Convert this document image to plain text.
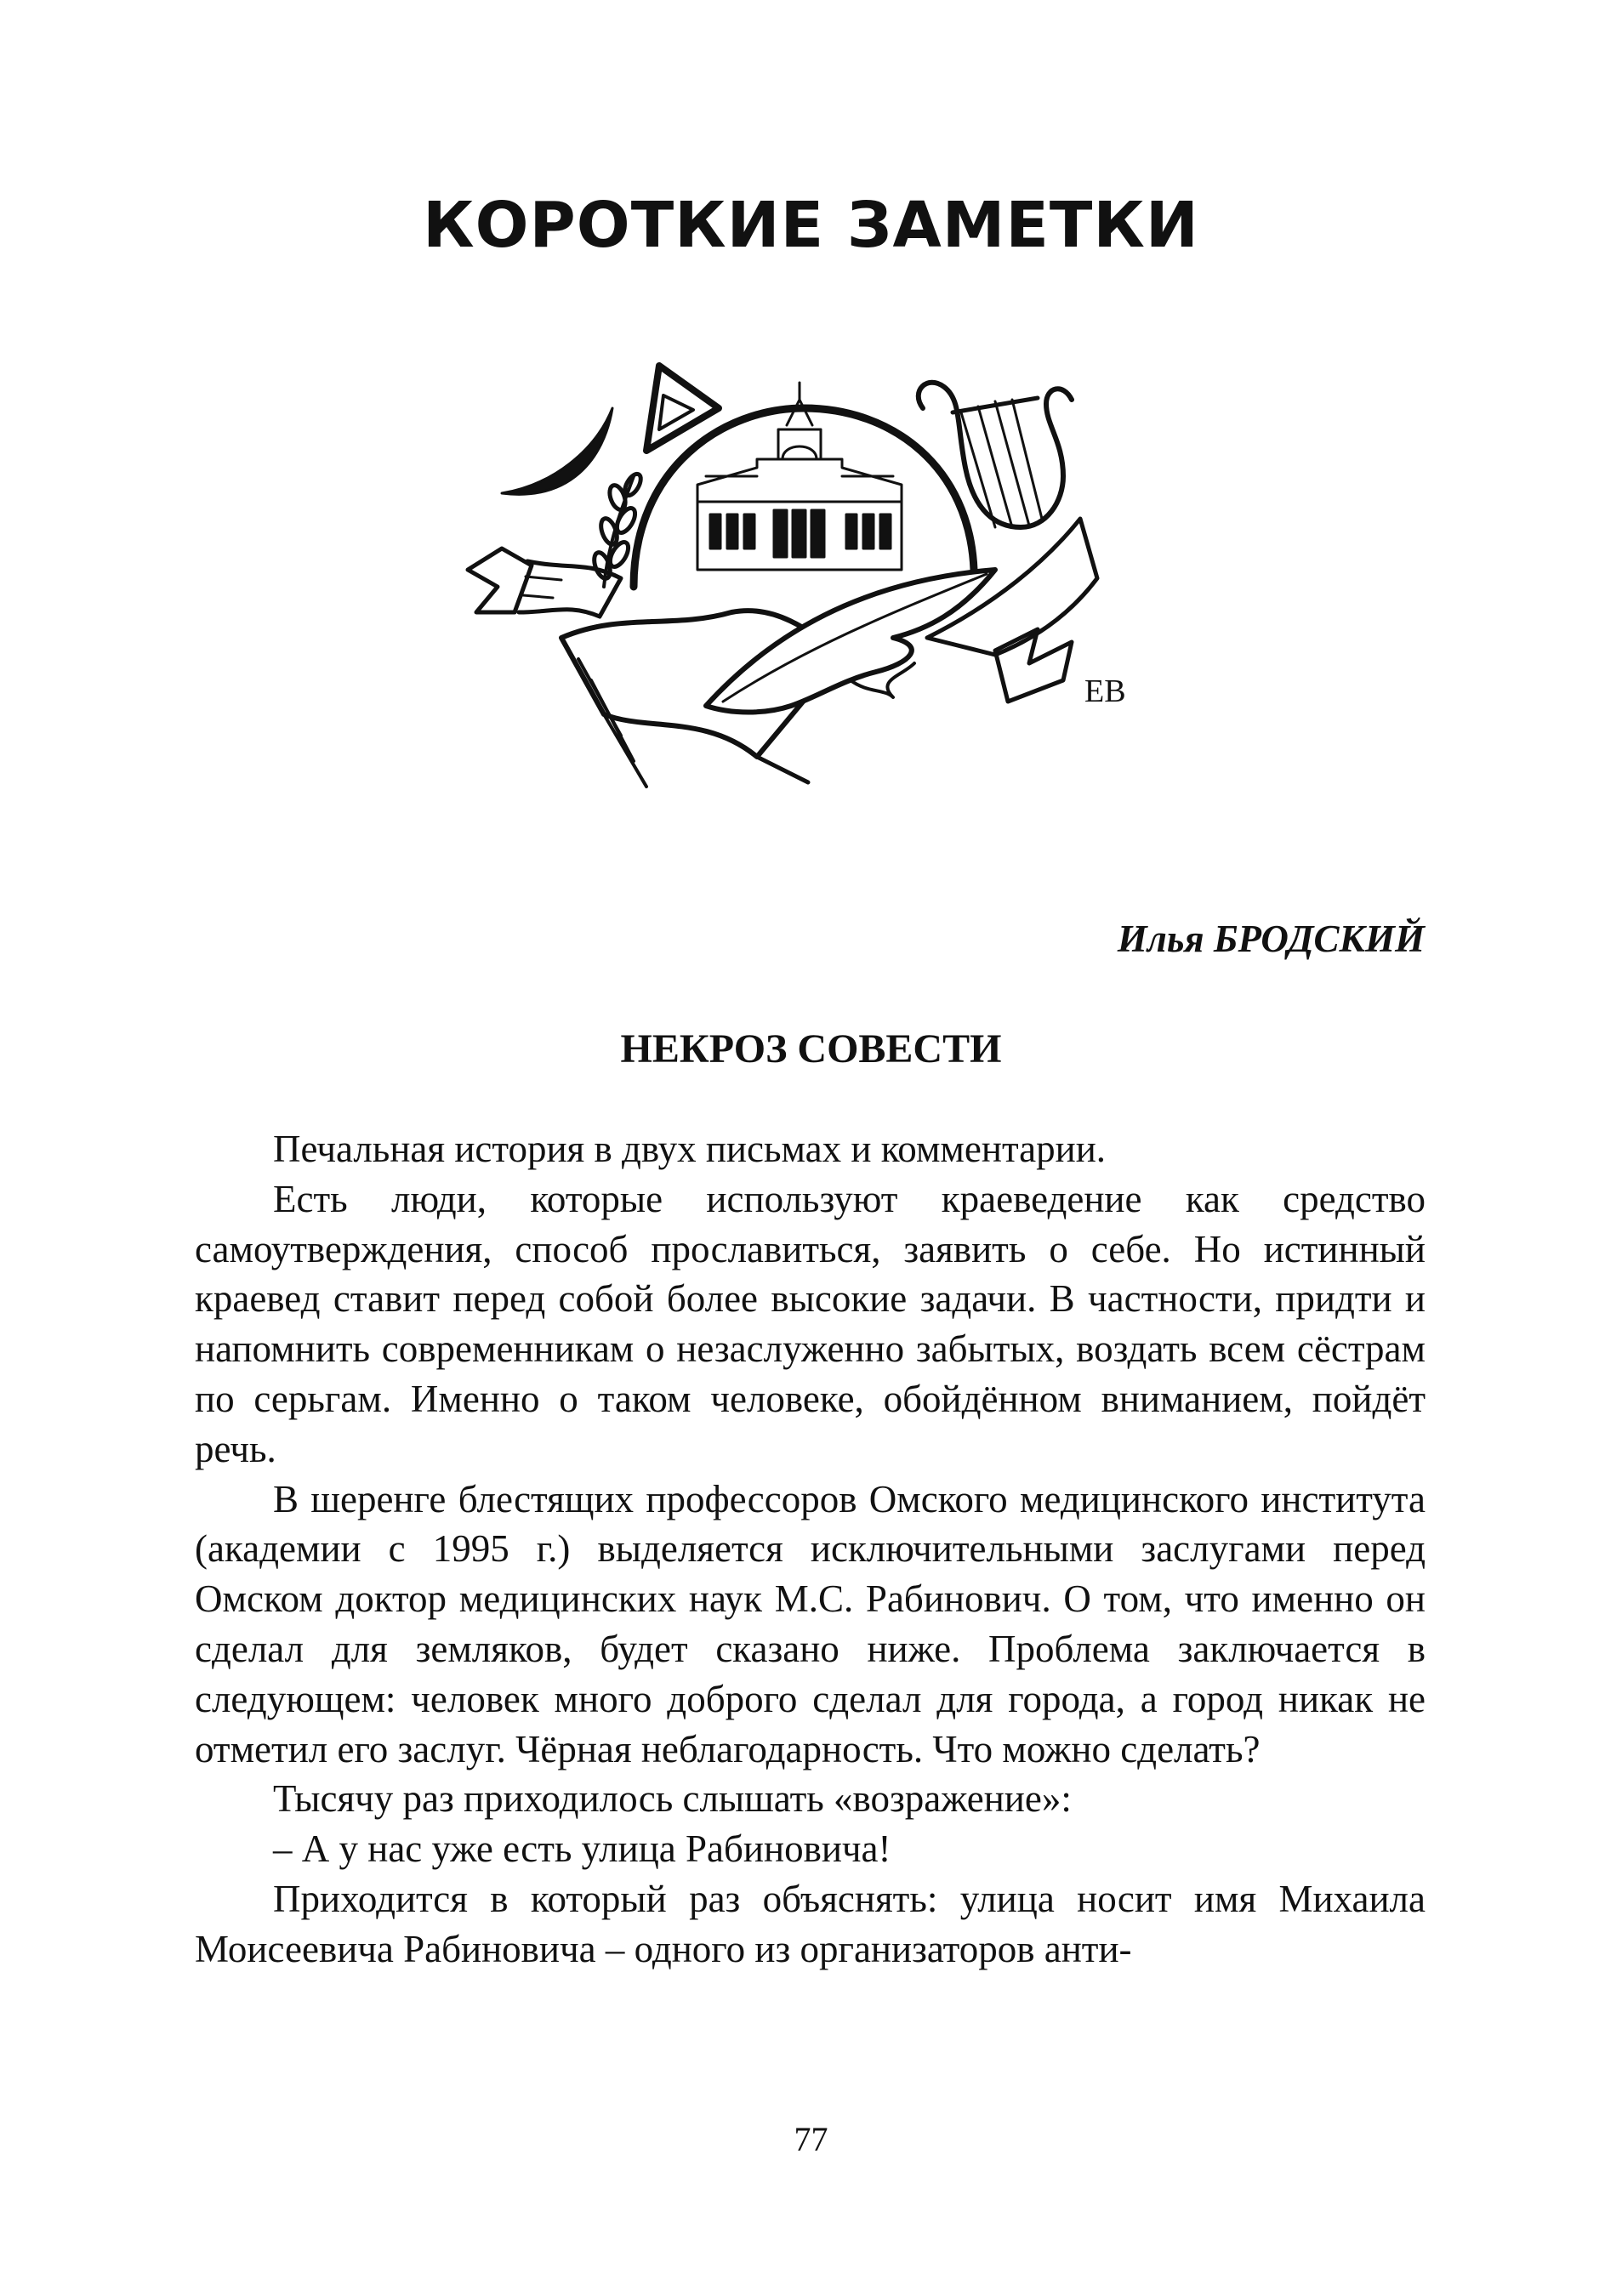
КОРОТКИЕ ЗАМЕТКИ
ЕВ
Илья БРОДСКИЙ
НЕКРОЗ СОВЕСТИ

Печальная история в двух письмах и комментарии.

Есть люди, которые используют краеведение как средство самоутверждения, способ прославиться, заявить о себе. Но истинный краевед ставит перед собой более высокие задачи. В частности, придти и напомнить современникам о незаслуженно забытых, воздать всем сёстрам по серьгам. Именно о таком человеке, обойдённом вниманием, пойдёт речь.

В шеренге блестящих профессоров Омского медицинского института (академии с 1995 г.) выделяется исключительными заслугами перед Омском доктор медицинских наук М.С. Рабинович. О том, что именно он сделал для земляков, будет сказано ниже. Проблема заключается в следующем: человек много доброго сделал для города, а город никак не отметил его заслуг. Чёрная неблагодарность. Что можно сделать?

Тысячу раз приходилось слышать «возражение»:

– А у нас уже есть улица Рабиновича!

Приходится в который раз объяснять: улица носит имя Михаила Моисеевича Рабиновича – одного из организаторов анти-

77
